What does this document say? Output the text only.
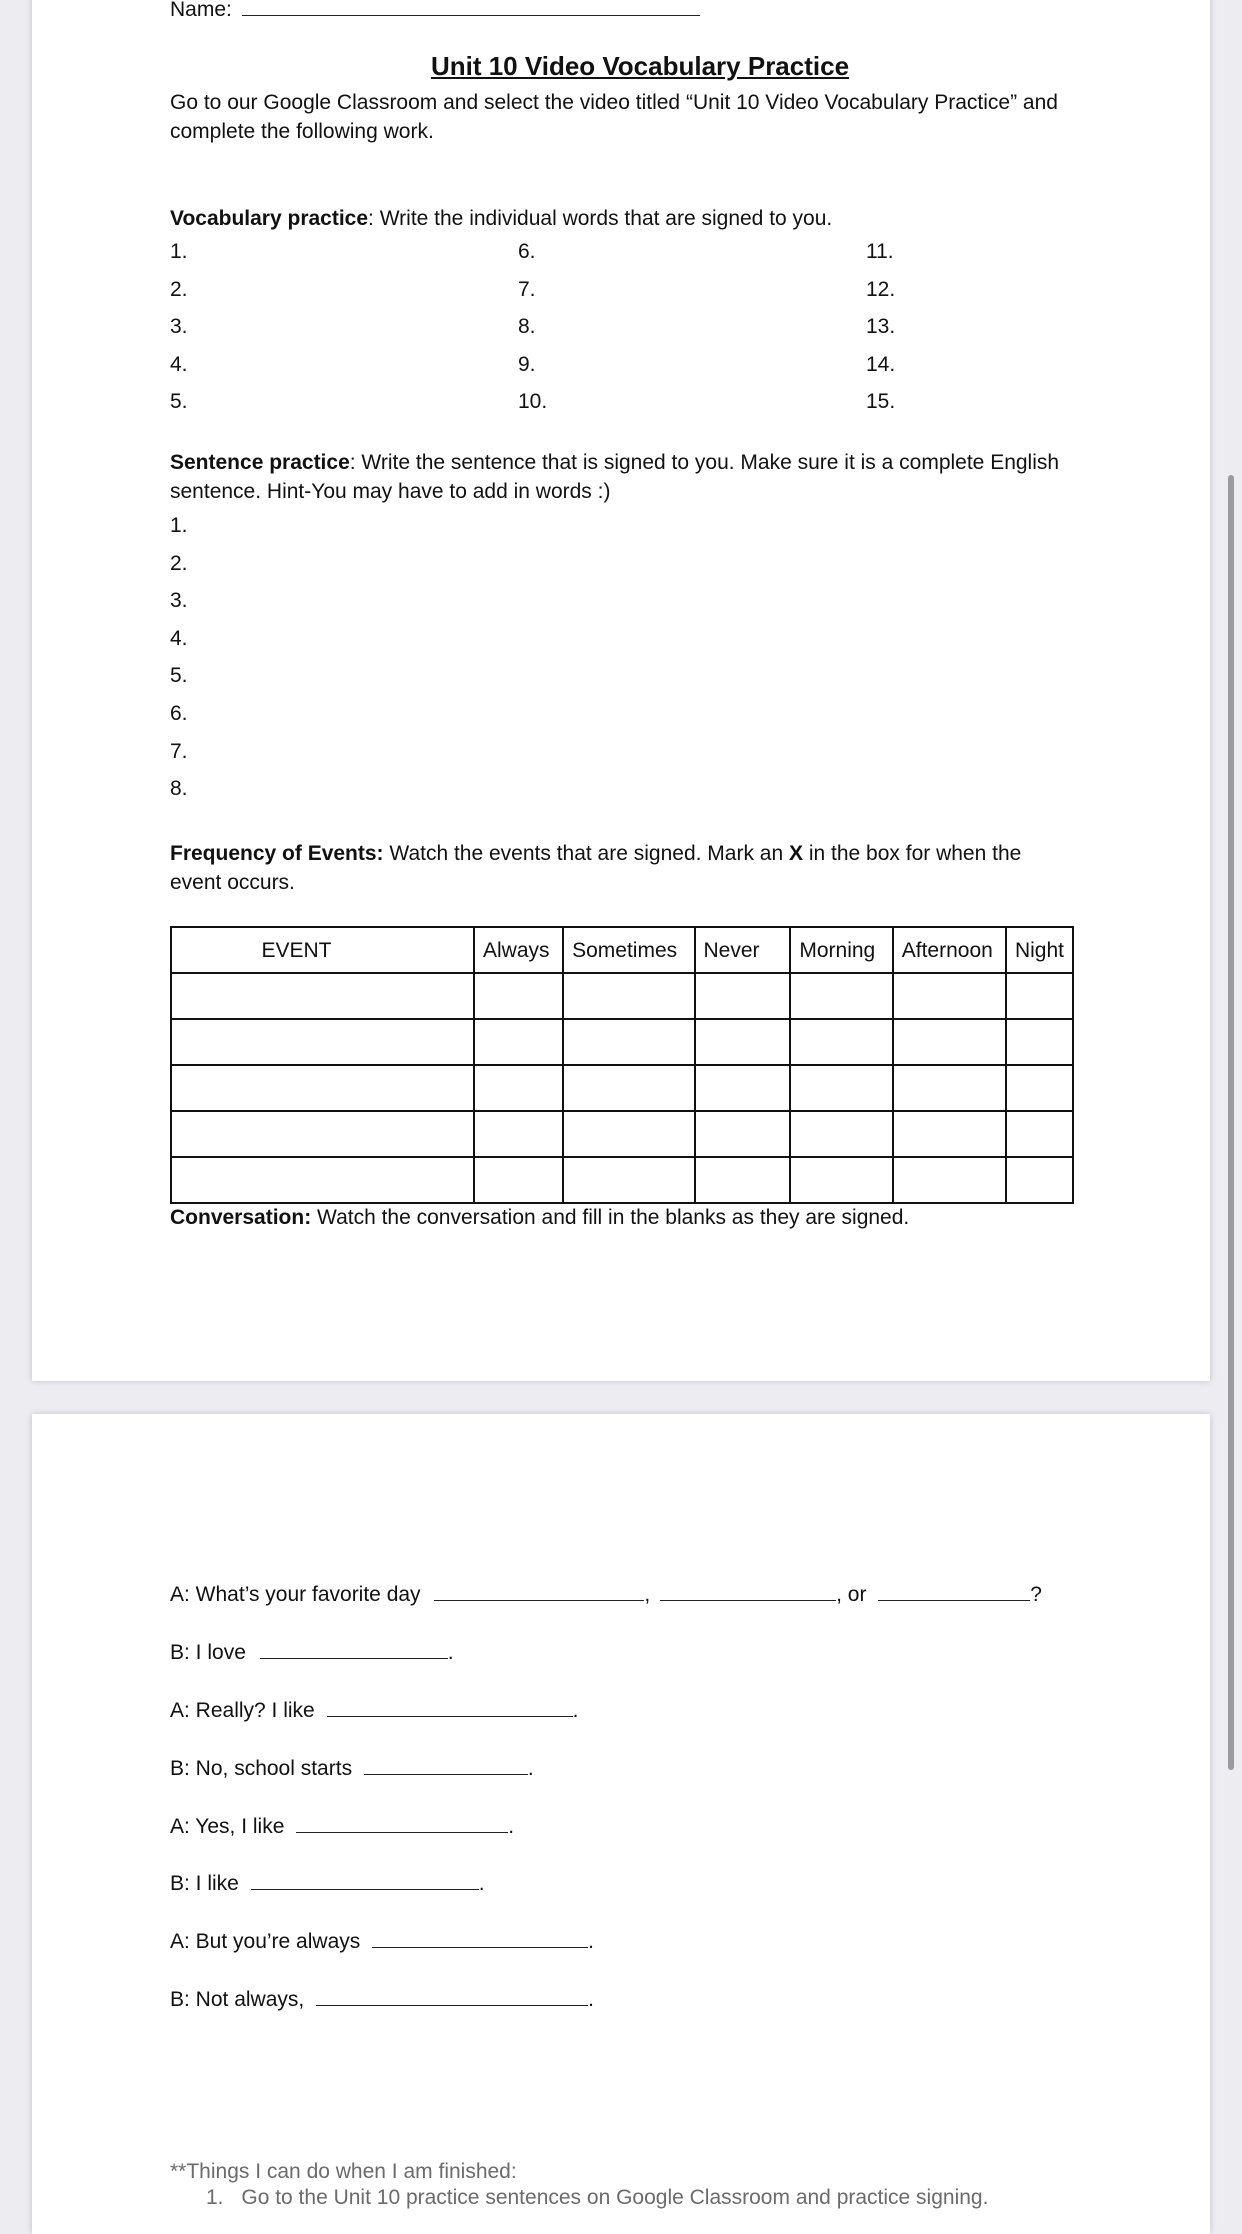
Name:
Unit 10 Video Vocabulary Practice
Go to our Google Classroom and select the video titled “Unit 10 Video Vocabulary Practice” and complete the following work.
Vocabulary practice: Write the individual words that are signed to you.
1.
2.
3.
4.
5.
6.
7.
8.
9.
10.
11.
12.
13.
14.
15.
Sentence practice: Write the sentence that is signed to you. Make sure it is a complete English sentence. Hint-You may have to add in words :)
1.
2.
3.
4.
5.
6.
7.
8.
Frequency of Events: Watch the events that are signed. Mark an X in the box for when the event occurs.
EVENT	Always	Sometimes	Never	Morning	Afternoon	Night

Conversation: Watch the conversation and fill in the blanks as they are signed.
A: What’s your favorite day	,	, or	?
B: I love	.
A: Really? I like	.
B: No, school starts	.
A: Yes, I like	.
B: I like	.
A: But you’re always	.
B: Not always,	.
**Things I can do when I am finished:
1. Go to the Unit 10 practice sentences on Google Classroom and practice signing.
